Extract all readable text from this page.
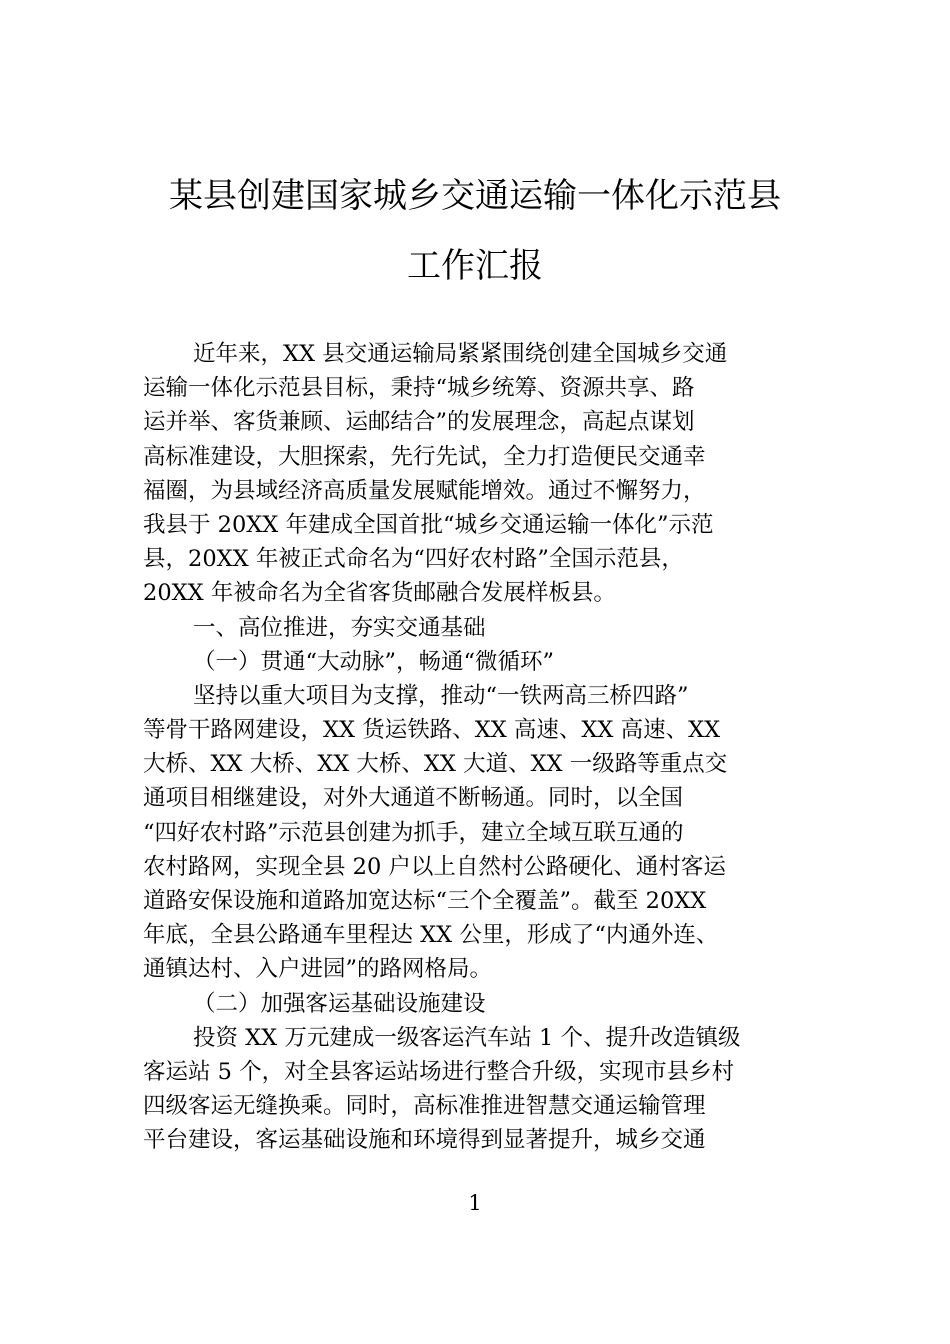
某县创建国家城乡交通运输一体化示范县
工作汇报
近年来，XX 县交通运输局紧紧围绕创建全国城乡交通
运输一体化示范县目标，秉持“城乡统筹、资源共享、路
运并举、客货兼顾、运邮结合”的发展理念，高起点谋划
高标准建设，大胆探索，先行先试，全力打造便民交通幸
福圈，为县域经济高质量发展赋能增效。通过不懈努力，
我县于 20XX 年建成全国首批“城乡交通运输一体化”示范
县，20XX 年被正式命名为“四好农村路”全国示范县，
20XX 年被命名为全省客货邮融合发展样板县。
一、高位推进，夯实交通基础
（一）贯通“大动脉”，畅通“微循环”
坚持以重大项目为支撑，推动“一铁两高三桥四路”
等骨干路网建设，XX 货运铁路、XX 高速、XX 高速、XX
大桥、XX 大桥、XX 大桥、XX 大道、XX 一级路等重点交
通项目相继建设，对外大通道不断畅通。同时，以全国
“四好农村路”示范县创建为抓手，建立全域互联互通的
农村路网，实现全县 20 户以上自然村公路硬化、通村客运
道路安保设施和道路加宽达标“三个全覆盖”。截至 20XX
年底，全县公路通车里程达 XX 公里，形成了“内通外连、
通镇达村、入户进园”的路网格局。
（二）加强客运基础设施建设
投资 XX 万元建成一级客运汽车站 1 个、提升改造镇级
客运站 5 个，对全县客运站场进行整合升级，实现市县乡村
四级客运无缝换乘。同时，高标准推进智慧交通运输管理
平台建设，客运基础设施和环境得到显著提升，城乡交通
1
